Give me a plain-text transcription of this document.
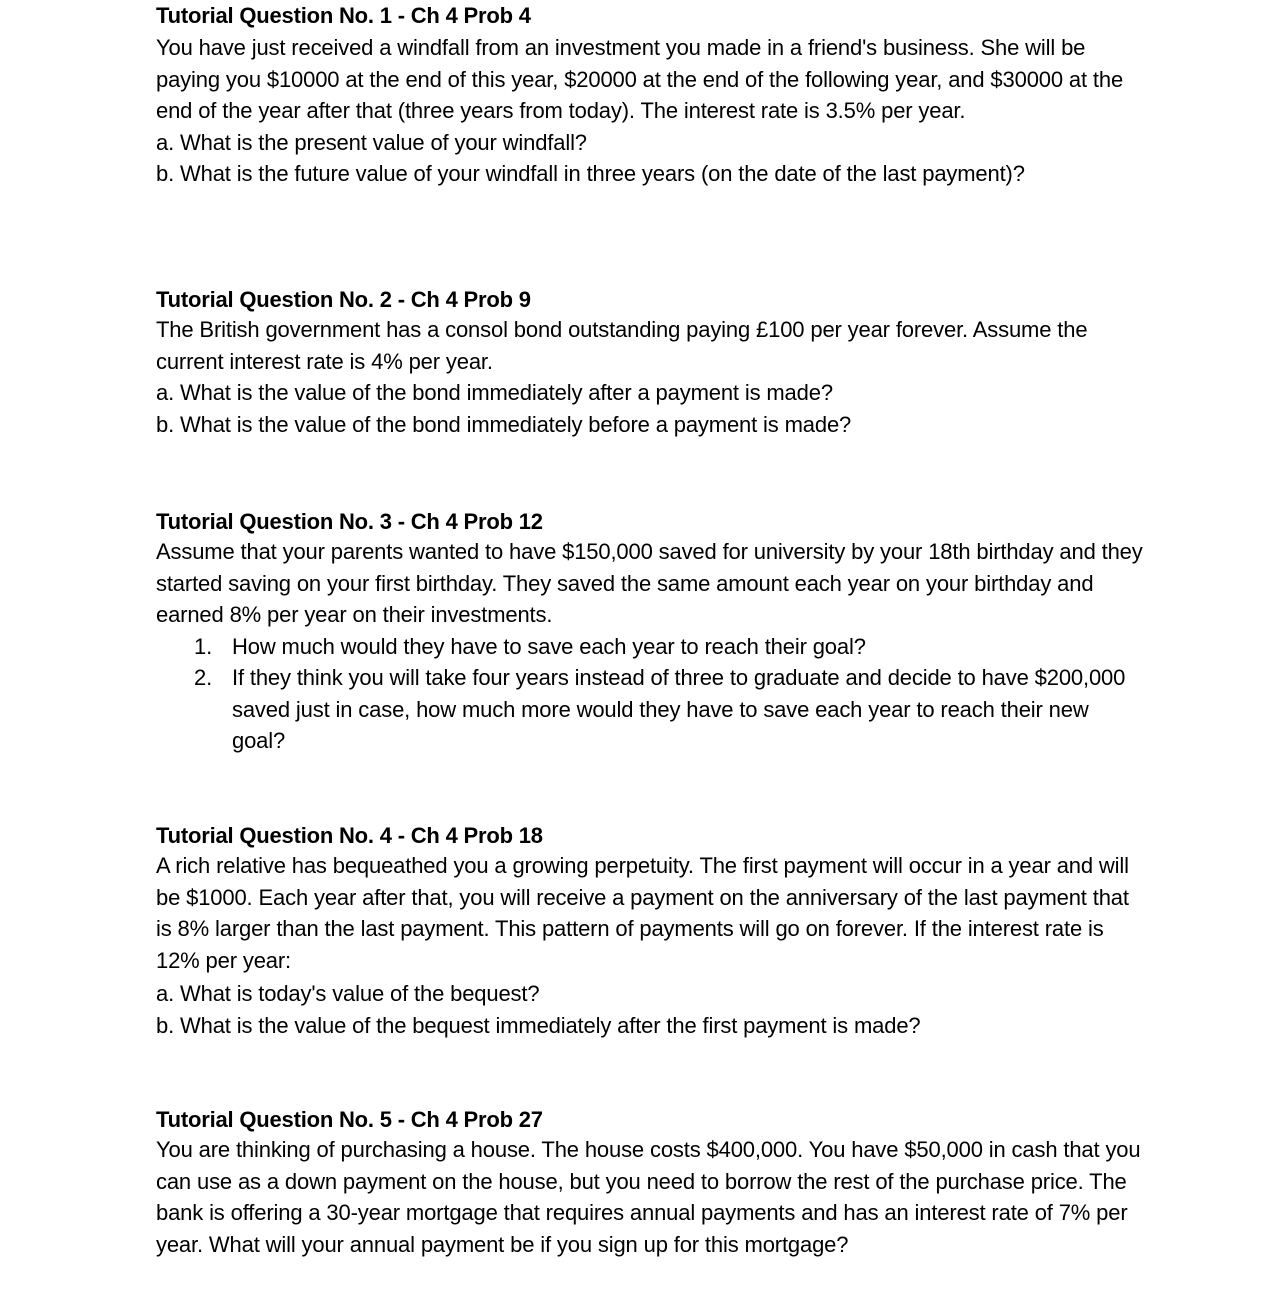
Tutorial Question No. 1 - Ch 4 Prob 4

You have just received a windfall from an investment you made in a friend's business. She will be paying you $10000 at the end of this year, $20000 at the end of the following year, and $30000 at the end of the year after that (three years from today). The interest rate is 3.5% per year.

a. What is the present value of your windfall?

b. What is the future value of your windfall in three years (on the date of the last payment)?

Tutorial Question No. 2 - Ch 4 Prob 9

The British government has a consol bond outstanding paying £100 per year forever. Assume the current interest rate is 4% per year.

a. What is the value of the bond immediately after a payment is made?

b. What is the value of the bond immediately before a payment is made?

Tutorial Question No. 3 - Ch 4 Prob 12

Assume that your parents wanted to have $150,000 saved for university by your 18th birthday and they started saving on your first birthday. They saved the same amount each year on your birthday and earned 8% per year on their investments.

1. How much would they have to save each year to reach their goal?
2. If they think you will take four years instead of three to graduate and decide to have $200,000 saved just in case, how much more would they have to save each year to reach their new goal?
Tutorial Question No. 4 - Ch 4 Prob 18

A rich relative has bequeathed you a growing perpetuity. The first payment will occur in a year and will be $1000. Each year after that, you will receive a payment on the anniversary of the last payment that is 8% larger than the last payment. This pattern of payments will go on forever. If the interest rate is 12% per year:

a. What is today's value of the bequest?

b. What is the value of the bequest immediately after the first payment is made?

Tutorial Question No. 5 - Ch 4 Prob 27

You are thinking of purchasing a house. The house costs $400,000. You have $50,000 in cash that you can use as a down payment on the house, but you need to borrow the rest of the purchase price. The bank is offering a 30-year mortgage that requires annual payments and has an interest rate of 7% per year. What will your annual payment be if you sign up for this mortgage?
